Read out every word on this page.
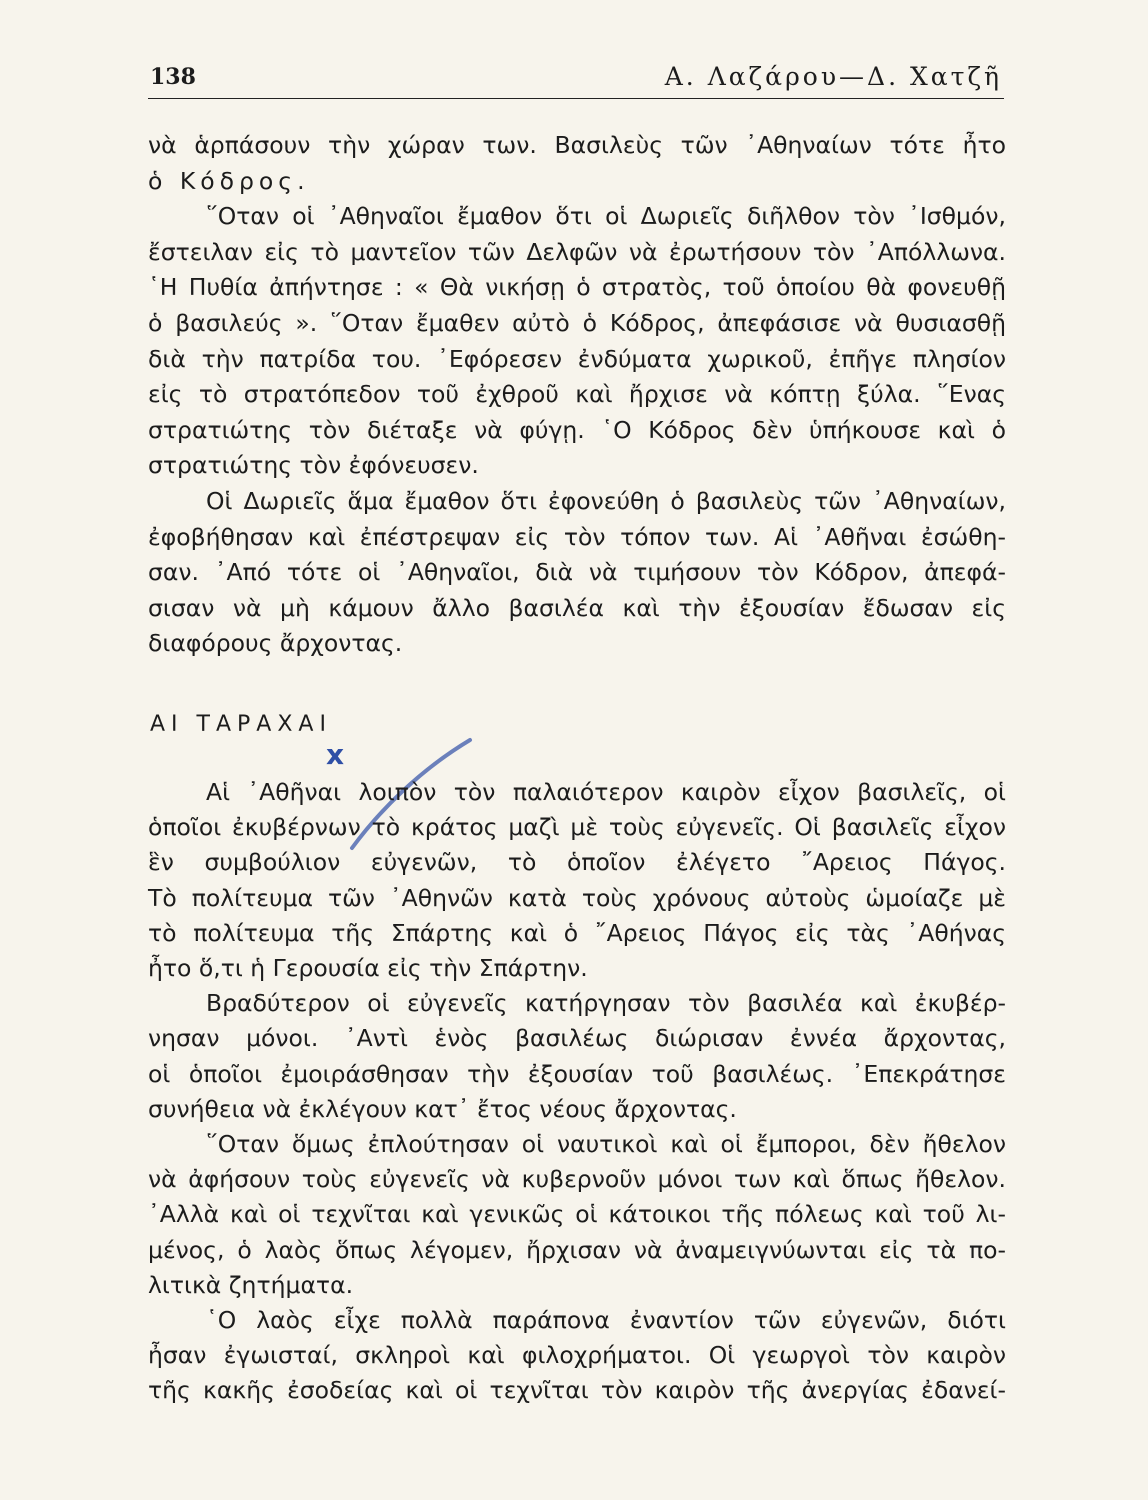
138	Α. Λαζάρου—Δ. Χατζῆ
νὰ ἁρπάσουν τὴν χώραν των. Βασιλεὺς τῶν ᾿Αθηναίων τότε ἦτο
ὁ Κόδρος.
῞Οταν οἱ ᾿Αθηναῖοι ἔμαθον ὅτι οἱ Δωριεῖς διῆλθον τὸν ᾿Ισθμόν,
ἔστειλαν εἰς τὸ μαντεῖον τῶν Δελφῶν νὰ ἐρωτήσουν τὸν ᾿Απόλλωνα.
῾Η Πυθία ἀπήντησε : « Θὰ νικήσῃ ὁ στρατὸς, τοῦ ὁποίου θὰ φονευθῇ
ὁ βασιλεύς ». ῞Οταν ἔμαθεν αὐτὸ ὁ Κόδρος, ἀπεφάσισε νὰ θυσιασθῇ
διὰ τὴν πατρίδα του. ᾿Εφόρεσεν ἐνδύματα χωρικοῦ, ἐπῆγε πλησίον
εἰς τὸ στρατόπεδον τοῦ ἐχθροῦ καὶ ἤρχισε νὰ κόπτῃ ξύλα. ῞Ενας
στρατιώτης τὸν διέταξε νὰ φύγῃ. ῾Ο Κόδρος δὲν ὑπήκουσε καὶ ὁ
στρατιώτης τὸν ἐφόνευσεν.
Οἱ Δωριεῖς ἅμα ἔμαθον ὅτι ἐφονεύθη ὁ βασιλεὺς τῶν ᾿Αθηναίων,
ἐφοβήθησαν καὶ ἐπέστρεψαν εἰς τὸν τόπον των. Αἱ ᾿Αθῆναι ἐσώθη-
σαν. ᾿Από τότε οἱ ᾿Αθηναῖοι, διὰ νὰ τιμήσουν τὸν Κόδρον, ἀπεφά-
σισαν νὰ μὴ κάμουν ἄλλο βασιλέα καὶ τὴν ἐξουσίαν ἔδωσαν εἰς
διαφόρους ἄρχοντας.
ΑΙ ΤΑΡΑΧΑΙ
x
Αἱ ᾿Αθῆναι λοιπὸν τὸν παλαιότερον καιρὸν εἶχον βασιλεῖς, οἱ
ὁποῖοι ἐκυβέρνων τὸ κράτος μαζὶ μὲ τοὺς εὐγενεῖς. Οἱ βασιλεῖς εἶχον
ἓν συμβούλιον εὐγενῶν, τὸ ὁποῖον ἐλέγετο ῎Αρειος Πάγος.
Τὸ πολίτευμα τῶν ᾿Αθηνῶν κατὰ τοὺς χρόνους αὐτοὺς ὡμοίαζε μὲ
τὸ πολίτευμα τῆς Σπάρτης καὶ ὁ ῎Αρειος Πάγος εἰς τὰς ᾿Αθήνας
ἦτο ὅ,τι ἡ Γερουσία εἰς τὴν Σπάρτην.
Βραδύτερον οἱ εὐγενεῖς κατήργησαν τὸν βασιλέα καὶ ἐκυβέρ-
νησαν μόνοι. ᾿Αντὶ ἑνὸς βασιλέως διώρισαν ἐννέα ἄρχοντας,
οἱ ὁποῖοι ἐμοιράσθησαν τὴν ἐξουσίαν τοῦ βασιλέως. ᾿Επεκράτησε
συνήθεια νὰ ἐκλέγουν κατ᾿ ἔτος νέους ἄρχοντας.
῞Οταν ὅμως ἐπλούτησαν οἱ ναυτικοὶ καὶ οἱ ἔμποροι, δὲν ἤθελον
νὰ ἀφήσουν τοὺς εὐγενεῖς νὰ κυβερνοῦν μόνοι των καὶ ὅπως ἤθελον.
᾿Αλλὰ καὶ οἱ τεχνῖται καὶ γενικῶς οἱ κάτοικοι τῆς πόλεως καὶ τοῦ λι-
μένος, ὁ λαὸς ὅπως λέγομεν, ἤρχισαν νὰ ἀναμειγνύωνται εἰς τὰ πο-
λιτικὰ ζητήματα.
῾Ο λαὸς εἶχε πολλὰ παράπονα ἐναντίον τῶν εὐγενῶν, διότι
ἦσαν ἐγωισταί, σκληροὶ καὶ φιλοχρήματοι. Οἱ γεωργοὶ τὸν καιρὸν
τῆς κακῆς ἐσοδείας καὶ οἱ τεχνῖται τὸν καιρὸν τῆς ἀνεργίας ἐδανεί-
